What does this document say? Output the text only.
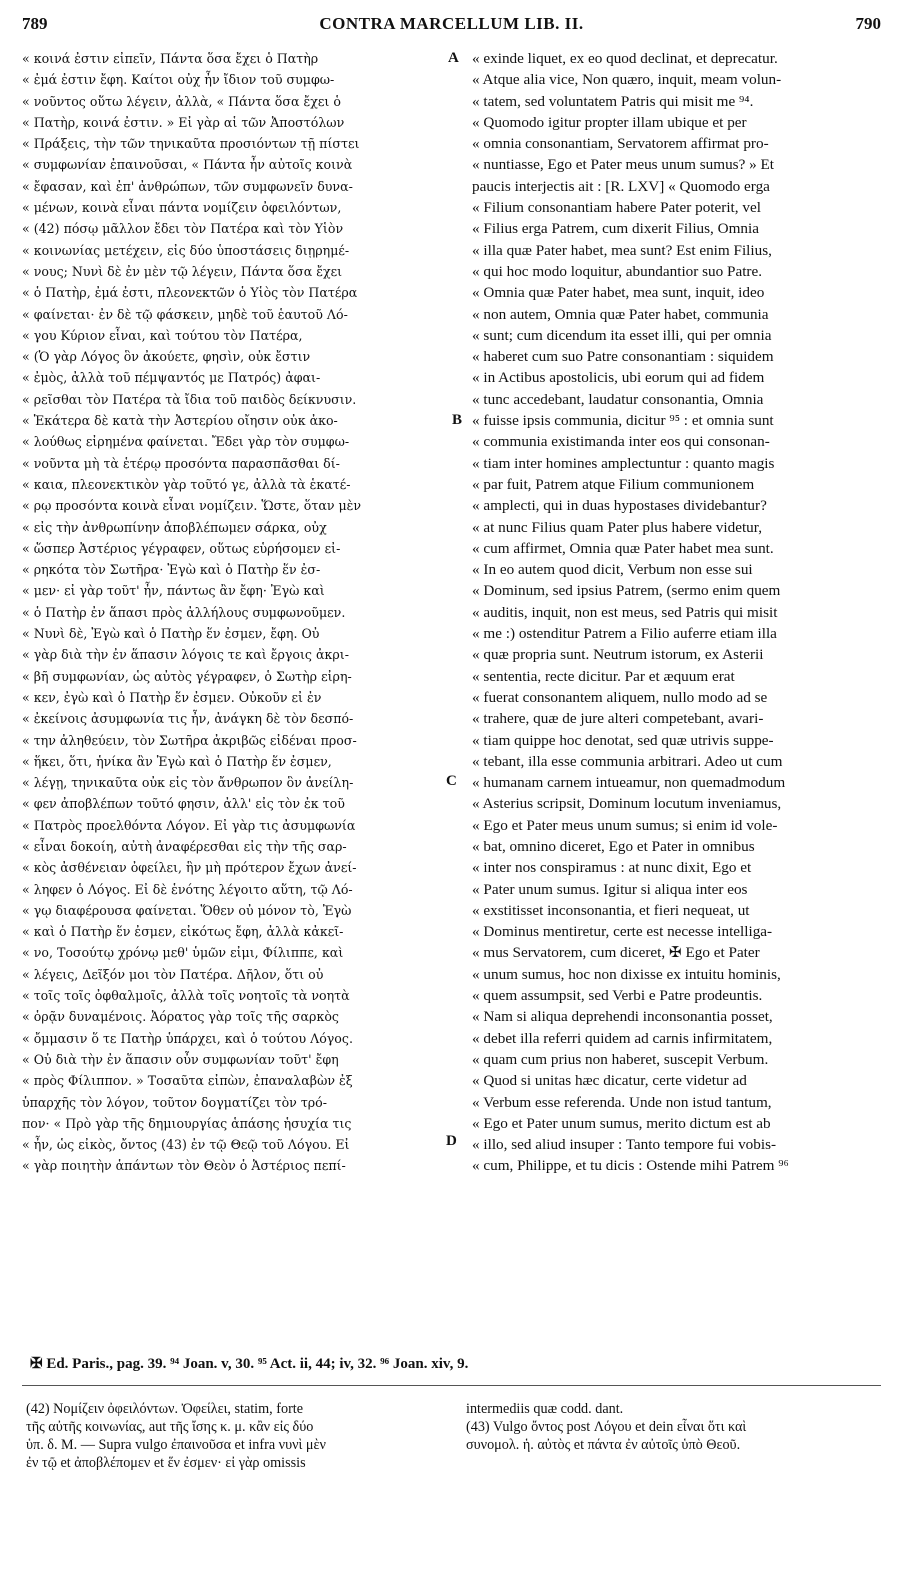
789	CONTRA MARCELLUM LIB. II.	790
« κοινά ἐστιν εἰπεῖν, Πάντα ὅσα ἔχει ὁ Πατὴρ
« ἐμά ἐστιν ἔφη. Καίτοι οὐχ ἦν ἴδιον τοῦ συμφω-
« νοῦντος οὕτω λέγειν, ἀλλὰ, « Πάντα ὅσα ἔχει ὁ
« Πατὴρ, κοινά ἐστιν. » Εἰ γὰρ αἱ τῶν Ἀποστόλων
« Πράξεις, τὴν τῶν τηνικαῦτα προσιόντων τῇ πίστει
« συμφωνίαν ἐπαινοῦσαι, « Πάντα ἦν αὐτοῖς κοινὰ
« ἔφασαν, καὶ ἐπ' ἀνθρώπων, τῶν συμφωνεῖν δυνα-
« μένων, κοινὰ εἶναι πάντα νομίζειν ὀφειλόντων,
« (42) πόσῳ μᾶλλον ἔδει τὸν Πατέρα καὶ τὸν Υἱὸν
« κοινωνίας μετέχειν, εἰς δύο ὑποστάσεις διῃρημέ-
« νους; Νυνὶ δὲ ἐν μὲν τῷ λέγειν, Πάντα ὅσα ἔχει
« ὁ Πατὴρ, ἐμά ἐστι, πλεονεκτῶν ὁ Υἱὸς τὸν Πατέρα
« φαίνεται· ἐν δὲ τῷ φάσκειν, μηδὲ τοῦ ἑαυτοῦ Λό-
« γου Κύριον εἶναι, καὶ τούτου τὸν Πατέρα,
« (Ὁ γὰρ Λόγος ὃν ἀκούετε, φησὶν, οὐκ ἔστιν
« ἐμὸς, ἀλλὰ τοῦ πέμψαντός με Πατρός) ἀφαι-
« ρεῖσθαι τὸν Πατέρα τὰ ἴδια τοῦ παιδὸς δείκνυσιν.
« Ἑκάτερα δὲ κατὰ τὴν Ἀστερίου οἴησιν οὐκ ἀκο-
« λούθως εἰρημένα φαίνεται. Ἔδει γὰρ τὸν συμφω-
« νοῦντα μὴ τὰ ἑτέρῳ προσόντα παρασπᾶσθαι δί-
« καια, πλεονεκτικὸν γὰρ τοῦτό γε, ἀλλὰ τὰ ἑκατέ-
« ρῳ προσόντα κοινὰ εἶναι νομίζειν. Ὥστε, ὅταν μὲν
« εἰς τὴν ἀνθρωπίνην ἀποβλέπωμεν σάρκα, οὐχ
« ὥσπερ Ἀστέριος γέγραφεν, οὕτως εὑρήσομεν εἰ-
« ρηκότα τὸν Σωτῆρα· Ἐγὼ καὶ ὁ Πατὴρ ἕν ἐσ-
« μεν· εἰ γὰρ τοῦτ' ἦν, πάντως ἂν ἔφη· Ἐγὼ καὶ
« ὁ Πατὴρ ἐν ἅπασι πρὸς ἀλλήλους συμφωνοῦμεν.
« Νυνὶ δὲ, Ἐγὼ καὶ ὁ Πατὴρ ἕν ἐσμεν, ἔφη. Οὐ
« γὰρ διὰ τὴν ἐν ἅπασιν λόγοις τε καὶ ἔργοις ἀκρι-
« βῆ συμφωνίαν, ὡς αὐτὸς γέγραφεν, ὁ Σωτὴρ εἰρη-
« κεν, ἐγὼ καὶ ὁ Πατὴρ ἕν ἐσμεν. Οὐκοῦν εἰ ἐν
« ἐκείνοις ἀσυμφωνία τις ἦν, ἀνάγκη δὲ τὸν δεσπό-
« την ἀληθεύειν, τὸν Σωτῆρα ἀκριβῶς εἰδέναι προσ-
« ἥκει, ὅτι, ἡνίκα ἂν Ἐγὼ καὶ ὁ Πατὴρ ἕν ἐσμεν,
« λέγῃ, τηνικαῦτα οὐκ εἰς τὸν ἄνθρωπον ὃν ἀνείλη-
« φεν ἀποβλέπων τοῦτό φησιν, ἀλλ' εἰς τὸν ἐκ τοῦ
« Πατρὸς προελθόντα Λόγον. Εἰ γὰρ τις ἀσυμφωνία
« εἶναι δοκοίη, αὐτὴ ἀναφέρεσθαι εἰς τὴν τῆς σαρ-
« κὸς ἀσθένειαν ὀφείλει, ἣν μὴ πρότερον ἔχων ἀνεί-
« ληφεν ὁ Λόγος. Εἰ δὲ ἑνότης λέγοιτο αὕτη, τῷ Λό-
« γῳ διαφέρουσα φαίνεται. Ὅθεν οὐ μόνον τὸ, Ἐγὼ
« καὶ ὁ Πατὴρ ἕν ἐσμεν, εἰκότως ἔφη, ἀλλὰ κἀκεῖ-
« νο, Τοσούτῳ χρόνῳ μεθ' ὑμῶν εἰμι, Φίλιππε, καὶ
« λέγεις, Δεῖξόν μοι τὸν Πατέρα. Δῆλον, ὅτι οὐ
« τοῖς τοῖς ὀφθαλμοῖς, ἀλλὰ τοῖς νοητοῖς τὰ νοητὰ
« ὁρᾷν δυναμένοις. Ἀόρατος γὰρ τοῖς τῆς σαρκὸς
« ὄμμασιν ὅ τε Πατὴρ ὑπάρχει, καὶ ὁ τούτου Λόγος.
« Οὐ διὰ τὴν ἐν ἅπασιν οὖν συμφωνίαν τοῦτ' ἔφη
« πρὸς Φίλιππον. » Τοσαῦτα εἰπὼν, ἐπαναλαβὼν ἐξ
ὑπαρχῆς τὸν λόγον, τοῦτον δογματίζει τὸν τρό-
πον· « Πρὸ γὰρ τῆς δημιουργίας ἁπάσης ἡσυχία τις
« ἦν, ὡς εἰκὸς, ὄντος (43) ἐν τῷ Θεῷ τοῦ Λόγου. Εἰ
« γὰρ ποιητὴν ἁπάντων τὸν Θεὸν ὁ Ἀστέριος πεπί-
« exinde liquet, ex eo quod declinat, et deprecatur.
« Atque alia vice, Non quæro, inquit, meam volun-
« tatem, sed voluntatem Patris qui misit me ⁹⁴.
« Quomodo igitur propter illam ubique et per
« omnia consonantiam, Servatorem affirmat pro-
« nuntiasse, Ego et Pater meus unum sumus? » Et
paucis interjectis ait : [R. LXV] « Quomodo erga
« Filium consonantiam habere Pater poterit, vel
« Filius erga Patrem, cum dixerit Filius, Omnia
« illa quæ Pater habet, mea sunt? Est enim Filius,
« qui hoc modo loquitur, abundantior suo Patre.
« Omnia quæ Pater habet, mea sunt, inquit, ideo
« non autem, Omnia quæ Pater habet, communia
« sunt; cum dicendum ita esset illi, qui per omnia
« haberet cum suo Patre consonantiam : siquidem
« in Actibus apostolicis, ubi eorum qui ad fidem
« tunc accedebant, laudatur consonantia, Omnia
« fuisse ipsis communia, dicitur ⁹⁵ : et omnia sunt
« communia existimanda inter eos qui consonan-
« tiam inter homines amplectuntur : quanto magis
« par fuit, Patrem atque Filium communionem
« amplecti, qui in duas hypostases dividebantur?
« at nunc Filius quam Pater plus habere videtur,
« cum affirmet, Omnia quæ Pater habet mea sunt.
« In eo autem quod dicit, Verbum non esse sui
« Dominum, sed ipsius Patrem, (sermo enim quem
« auditis, inquit, non est meus, sed Patris qui misit
« me :) ostenditur Patrem a Filio auferre etiam illa
« quæ propria sunt. Neutrum istorum, ex Asterii
« sententia, recte dicitur. Par et æquum erat
« fuerat consonantem aliquem, nullo modo ad se
« trahere, quæ de jure alteri competebant, avari-
« tiam quippe hoc denotat, sed quæ utrivis suppe-
« tebant, illa esse communia arbitrari. Adeo ut cum
« humanam carnem intueamur, non quemadmodum
« Asterius scripsit, Dominum locutum inveniamus,
« Ego et Pater meus unum sumus; si enim id vole-
« bat, omnino diceret, Ego et Pater in omnibus
« inter nos conspiramus : at nunc dixit, Ego et
« Pater unum sumus. Igitur si aliqua inter eos
« exstitisset inconsonantia, et fieri nequeat, ut
« Dominus mentiretur, certe est necesse intelliga-
« mus Servatorem, cum diceret, ✠ Ego et Pater
« unum sumus, hoc non dixisse ex intuitu hominis,
« quem assumpsit, sed Verbi e Patre prodeuntis.
« Nam si aliqua deprehendi inconsonantia posset,
« debet illa referri quidem ad carnis infirmitatem,
« quam cum prius non haberet, suscepit Verbum.
« Quod si unitas hæc dicatur, certe videtur ad
« Verbum esse referenda. Unde non istud tantum,
« Ego et Pater unum sumus, merito dictum est ab
« illo, sed aliud insuper : Tanto tempore fui vobis-
« cum, Philippe, et tu dicis : Ostende mihi Patrem ⁹⁶
A
B
C
D
✠ Ed. Paris., pag. 39. ⁹⁴ Joan. v, 30. ⁹⁵ Act. ii, 44; iv, 32. ⁹⁶ Joan. xiv, 9.
(42) Νομίζειν ὀφειλόντων. Ὀφείλει, statim, forte
τῆς αὐτῆς κοινωνίας, aut τῆς ἴσης κ. μ. κἂν εἰς δύο
ὑπ. δ. M. — Supra vulgo ἐπαινοῦσα et infra νυνὶ μὲν
ἐν τῷ et ἀποβλέπομεν et ἕν ἐσμεν· εἰ γὰρ omissis
intermediis quæ codd. dant.
(43) Vulgo ὄντος post Λόγου et dein εἶναι ὅτι καὶ
συνομολ. ἡ. αὐτὸς et πάντα ἐν αὐτοῖς ὑπὸ Θεοῦ.
